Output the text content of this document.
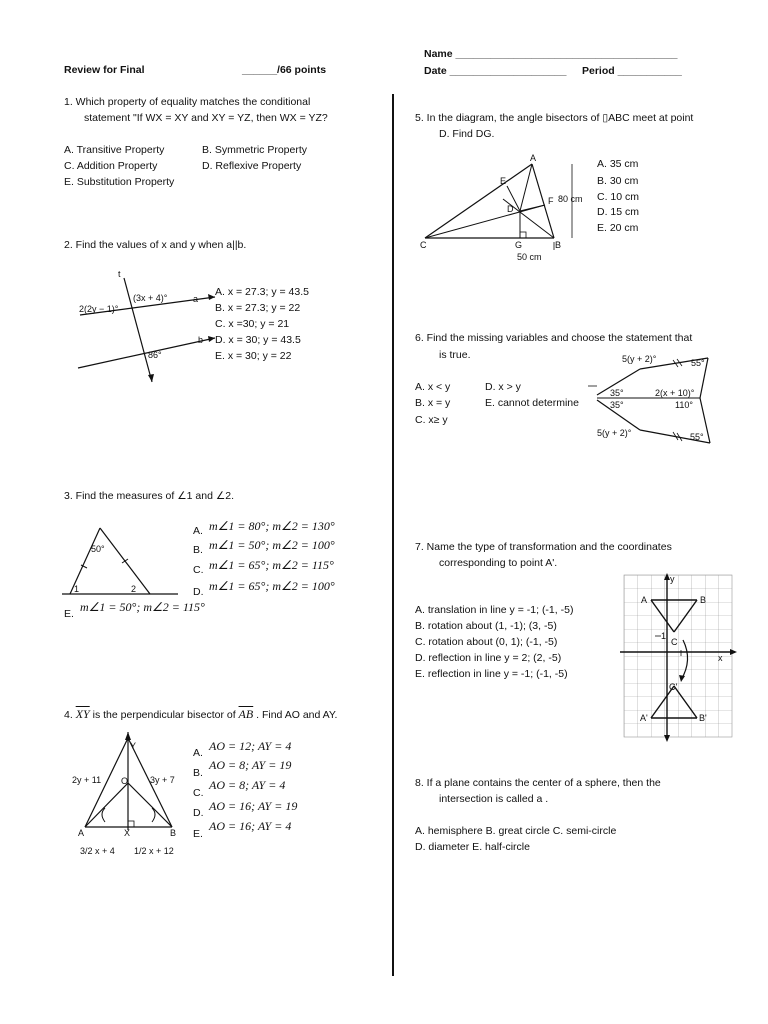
Review for Final	______/66 points
Name ______________________________________
Date ____________________ Period ___________
1. Which property of equality matches the conditional
statement "If WX = XY and XY = YZ, then WX = YZ?
A. Transitive Property	B. Symmetric Property
C. Addition Property	D. Reflexive Property
E. Substitution Property
2. Find the values of x and y when a||b.
t
a
b
2(2y − 1)°
(3x + 4)°
86°
A. x = 27.3; y = 43.5
B. x = 27.3; y = 22
C. x =30; y = 21
D. x = 30; y = 43.5
E. x = 30; y = 22
3. Find the measures of ∠1 and ∠2.
50°
1	2
A. m∠1 = 80°; m∠2 = 130°
B. m∠1 = 50°; m∠2 = 100°
C. m∠1 = 65°; m∠2 = 115°
D. m∠1 = 65°; m∠2 = 100°
E. m∠1 = 50°; m∠2 = 115°
4. $\overline{XY}$ is the perpendicular bisector of $\overline{AB}$ . Find AO and AY.
Y
O
A	X	B
2y + 11	3y + 7
3/2 x + 4 1/2 x + 12
A. AO = 12; AY = 4
B.
AO = 8; AY = 19
C.
AO = 8; AY = 4
D. AO = 16; AY = 19
E.
AO = 16; AY = 4
5. In the diagram, the angle bisectors of ▯ABC meet at point
D. Find DG.
A
B
C
D
E
F
G
80 cm
50 cm
A. 35 cm
B. 30 cm
C. 10 cm
D. 15 cm
E. 20 cm
6. Find the missing variables and choose the statement that
is true.	5(y + 2)°	55°
35°
35°
2(x + 10)°
110°
5(y + 2)°	55°
A. x < y
B. x = y
C. x≥ y
D. x > y
E. cannot determine
7. Name the type of transformation and the coordinates
corresponding to point A'.
A	B
C
A'	B'
C'
y
x
1
A. translation in line y = -1; (-1, -5)
B. rotation about (1, -1); (3, -5)
C. rotation about (0, 1); (-1, -5)
D. reflection in line y = 2; (2, -5)
E. reflection in line y = -1; (-1, -5)
8. If a plane contains the center of a sphere, then the
intersection is called a .
A. hemisphere B. great circle C. semi-circle
D. diameter E. half-circle
